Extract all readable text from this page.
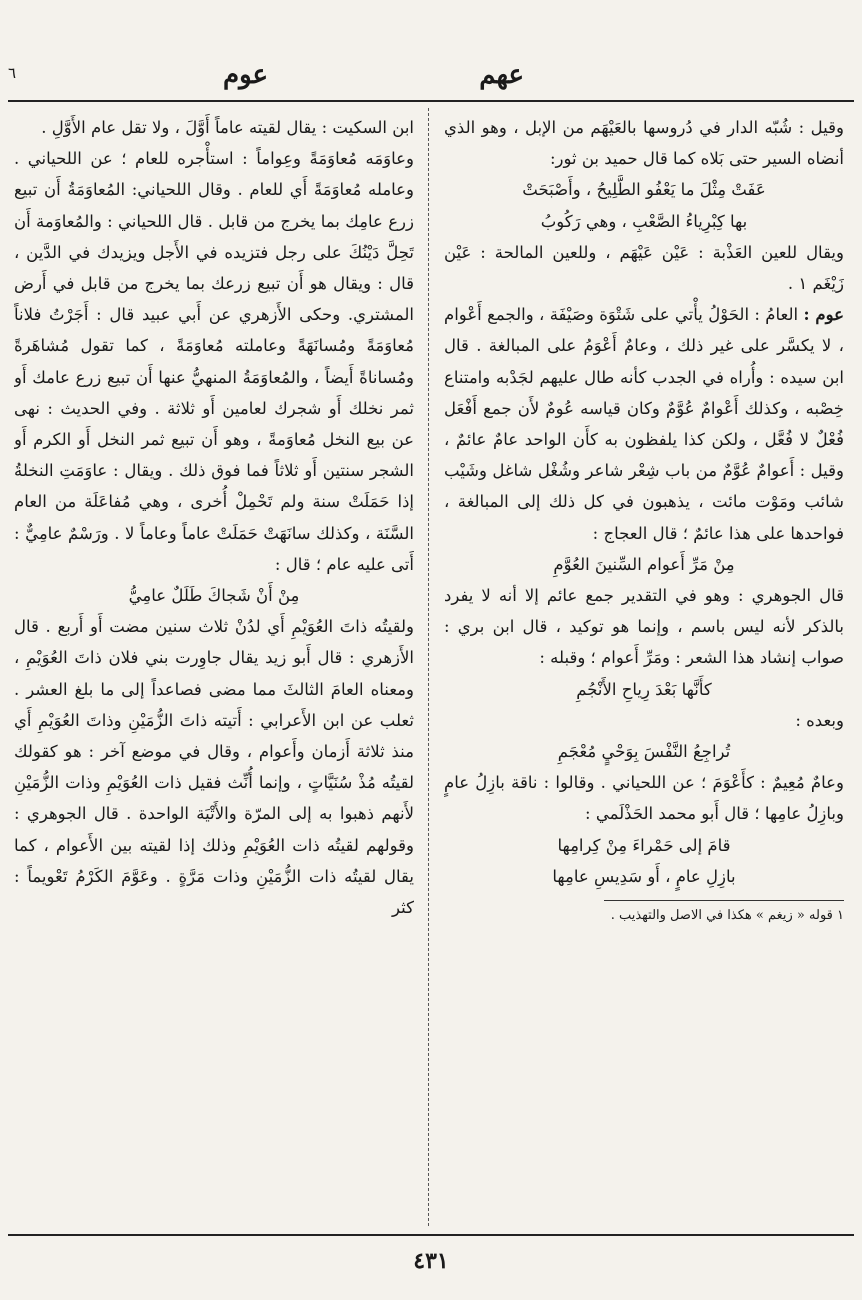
عهم
عوم
٦

وقيل : شُبّه الدار في دُروسها بالعَيْهَم من الإبل ، وهو الذي أنضاه السير حتى بَلاه كما قال حميد بن ثور:

عَفَتْ مِثْلَ ما يَعْفُو الطَّلِيحُ ، وأَصْبَحَتْ

بها كِبْرِياءُ الصَّعْبِ ، وهي رَكُوبُ

ويقال للعين العَذْبة : عَيْن عَيْهَم ، وللعين المالحة : عَيْن زَيْغَم ١ .

عوم : العامُ : الحَوْلُ يأْتي على شَتْوَة وصَيْفَة ، والجمع أَعْوام ، لا يكسَّر على غير ذلك ، وعامٌ أَعْوَمُ على المبالغة . قال ابن سيده : وأُراه في الجدب كأنه طال عليهم لجَدْبه وامتناع خِصْبه ، وكذلك أَعْوامٌ عُوَّمٌ وكان قياسه عُومٌ لأَن جمع أَفْعَل فُعْلٌ لا فُعَّل ، ولكن كذا يلفظون به كأَن الواحد عامٌ عائمٌ ، وقيل : أَعوامٌ عُوَّمٌ من باب شِعْر شاعر وشُغْل شاغل وشَيْب شائب ومَوْت مائت ، يذهبون في كل ذلك إلى المبالغة ، فواحدها على هذا عائمٌ ؛ قال العجاج :

مِنْ مَرِّ أَعوام السِّنينَ العُوَّمِ

قال الجوهري : وهو في التقدير جمع عائم إلا أنه لا يفرد بالذكر لأنه ليس باسم ، وإنما هو توكيد ، قال ابن بري : صواب إنشاد هذا الشعر : ومَرِّ أَعوام ؛ وقبله :

كأَنَّها بَعْدَ رِياحِ الأَنْجُمِ

وبعده :

تُراجِعُ النَّفْسَ بِوَحْيٍ مُعْجَمِ

وعامٌ مُعِيمٌ : كأَعْوَمَ ؛ عن اللحياني . وقالوا : ناقة بازِلُ عامٍ وبازِلُ عامِها ؛ قال أَبو محمد الحَذْلَمي :

قامَ إلى حَمْراءَ مِنْ كِرامِها

بازِلِ عامٍ ، أَو سَدِيسِ عامِها

١ قوله « زيغم » هكذا في الاصل والتهذيب .

ابن السكيت : يقال لقيته عاماً أَوَّلَ ، ولا تقل عام الأَوَّلِ .

وعاوَمَه مُعاوَمَةً وعِواماً : استأْجره للعام ؛ عن اللحياني . وعامله مُعاوَمَةً أَي للعام . وقال اللحياني: المُعاوَمَةُ أَن تبيع زرع عامِك بما يخرج من قابل . قال اللحياني : والمُعاوَمة أَن تَحِلَّ دَيْنُكَ على رجل فتزيده في الأَجل ويزيدك في الدَّين ، قال : ويقال هو أَن تبيع زرعك بما يخرج من قابل في أَرض المشتري. وحكى الأَزهري عن أَبي عبيد قال : أَجَرْتُ فلاناً مُعاوَمَةً ومُسانَهَةً وعاملته مُعاوَمَةً ، كما تقول مُشاهَرةً ومُساناةً أَيضاً ، والمُعاوَمَةُ المنهيُّ عنها أَن تبيع زرع عامك أَو ثمر نخلك أَو شجرك لعامين أَو ثلاثة . وفي الحديث : نهى عن بيع النخل مُعاوَمةً ، وهو أَن تبيع ثمر النخل أَو الكرم أَو الشجر سنتين أَو ثلاثاً فما فوق ذلك . ويقال : عاوَمَتِ النخلةُ إذا حَمَلَتْ سنة ولم تَحْمِلْ أُخرى ، وهي مُفاعَلَة من العام السَّنَة ، وكذلك سانَهَتْ حَمَلَتْ عاماً وعاماً لا . ورَسْمٌ عامِيٌّ : أَتى عليه عام ؛ قال :

مِنْ أَنْ شَجاكَ طَلَلٌ عامِيُّ

ولقيتُه ذاتَ العُوَيْمِ أَي لدُنْ ثلاث سنين مضت أَو أَربع . قال الأَزهري : قال أَبو زيد يقال جاوِرت بني فلان ذاتَ العُوَيْمِ ، ومعناه العامَ الثالثَ مما مضى فصاعداً إلى ما بلغ العشر . ثعلب عن ابن الأَعرابي : أَتيته ذاتَ الزُّمَيْنِ وذاتَ العُوَيْمِ أَي منذ ثلاثة أَزمان وأَعوام ، وقال في موضع آخر : هو كقولك لقيتُه مُذْ سُنَيَّاتٍ ، وإنما أُنِّث فقيل ذات العُوَيْمِ وذات الزُّمَيْنِ لأَنهم ذهبوا به إلى المرّة والأَتْيَة الواحدة . قال الجوهري : وقولهم لقيتُه ذات العُوَيْمِ وذلك إذا لقيته بين الأَعوام ، كما يقال لقيتُه ذات الزُّمَيْنِ وذات مَرَّةٍ . وعَوَّمَ الكَرْمُ تَعْويماً : كثر

٤٣١
